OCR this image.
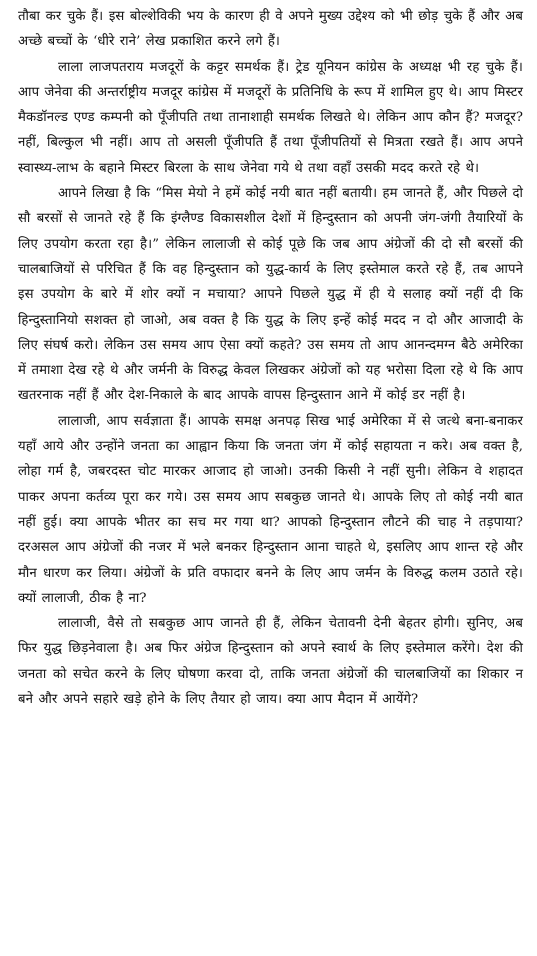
तौबा कर चुके हैं। इस बोल्शेविकी भय के कारण ही वे अपने मुख्य उद्देश्य को भी छोड़ चुके हैं और अब अच्छे बच्चों के ‘धीरे राने’ लेख प्रकाशित करने लगे हैं।

लाला लाजपतराय मजदूरों के कट्टर समर्थक हैं। ट्रेड यूनियन कांग्रेस के अध्यक्ष भी रह चुके हैं। आप जेनेवा की अन्तर्राष्ट्रीय मजदूर कांग्रेस में मजदूरों के प्रतिनिधि के रूप में शामिल हुए थे। आप मिस्टर मैकडॉनल्ड एण्ड कम्पनी को पूँजीपति तथा तानाशाही समर्थक लिखते थे। लेकिन आप कौन हैं? मजदूर? नहीं, बिल्कुल भी नहीं। आप तो असली पूँजीपति हैं तथा पूँजीपतियों से मित्रता रखते हैं। आप अपने स्वास्थ्य-लाभ के बहाने मिस्टर बिरला के साथ जेनेवा गये थे तथा वहाँ उसकी मदद करते रहे थे।

आपने लिखा है कि “मिस मेयो ने हमें कोई नयी बात नहीं बतायी। हम जानते हैं, और पिछले दो सौ बरसों से जानते रहे हैं कि इंग्लैण्ड विकासशील देशों में हिन्दुस्तान को अपनी जंग-जंगी तैयारियों के लिए उपयोग करता रहा है।” लेकिन लालाजी से कोई पूछे कि जब आप अंग्रेजों की दो सौ बरसों की चालबाजियों से परिचित हैं कि वह हिन्दुस्तान को युद्ध-कार्य के लिए इस्तेमाल करते रहे हैं, तब आपने इस उपयोग के बारे में शोर क्यों न मचाया? आपने पिछले युद्ध में ही ये सलाह क्यों नहीं दी कि हिन्दुस्तानियो सशक्त हो जाओ, अब वक्त है कि युद्ध के लिए इन्हें कोई मदद न दो और आजादी के लिए संघर्ष करो। लेकिन उस समय आप ऐसा क्यों कहते? उस समय तो आप आनन्दमग्न बैठे अमेरिका में तमाशा देख रहे थे और जर्मनी के विरुद्ध केवल लिखकर अंग्रेजों को यह भरोसा दिला रहे थे कि आप खतरनाक नहीं हैं और देश-निकाले के बाद आपके वापस हिन्दुस्तान आने में कोई डर नहीं है।

लालाजी, आप सर्वज्ञाता हैं। आपके समक्ष अनपढ़ सिख भाई अमेरिका में से जत्थे बना-बनाकर यहाँ आये और उन्होंने जनता का आह्वान किया कि जनता जंग में कोई सहायता न करे। अब वक्त है, लोहा गर्म है, जबरदस्त चोट मारकर आजाद हो जाओ। उनकी किसी ने नहीं सुनी। लेकिन वे शहादत पाकर अपना कर्तव्य पूरा कर गये। उस समय आप सबकुछ जानते थे। आपके लिए तो कोई नयी बात नहीं हुई। क्या आपके भीतर का सच मर गया था? आपको हिन्दुस्तान लौटने की चाह ने तड़पाया? दरअसल आप अंग्रेजों की नजर में भले बनकर हिन्दुस्तान आना चाहते थे, इसलिए आप शान्त रहे और मौन धारण कर लिया। अंग्रेजों के प्रति वफादार बनने के लिए आप जर्मन के विरुद्ध कलम उठाते रहे। क्यों लालाजी, ठीक है ना?

लालाजी, वैसे तो सबकुछ आप जानते ही हैं, लेकिन चेतावनी देनी बेहतर होगी। सुनिए, अब फिर युद्ध छिड़नेवाला है। अब फिर अंग्रेज हिन्दुस्तान को अपने स्वार्थ के लिए इस्तेमाल करेंगे। देश की जनता को सचेत करने के लिए घोषणा करवा दो, ताकि जनता अंग्रेजों की चालबाजियों का शिकार न बने और अपने सहारे खड़े होने के लिए तैयार हो जाय। क्या आप मैदान में आयेंगे?
